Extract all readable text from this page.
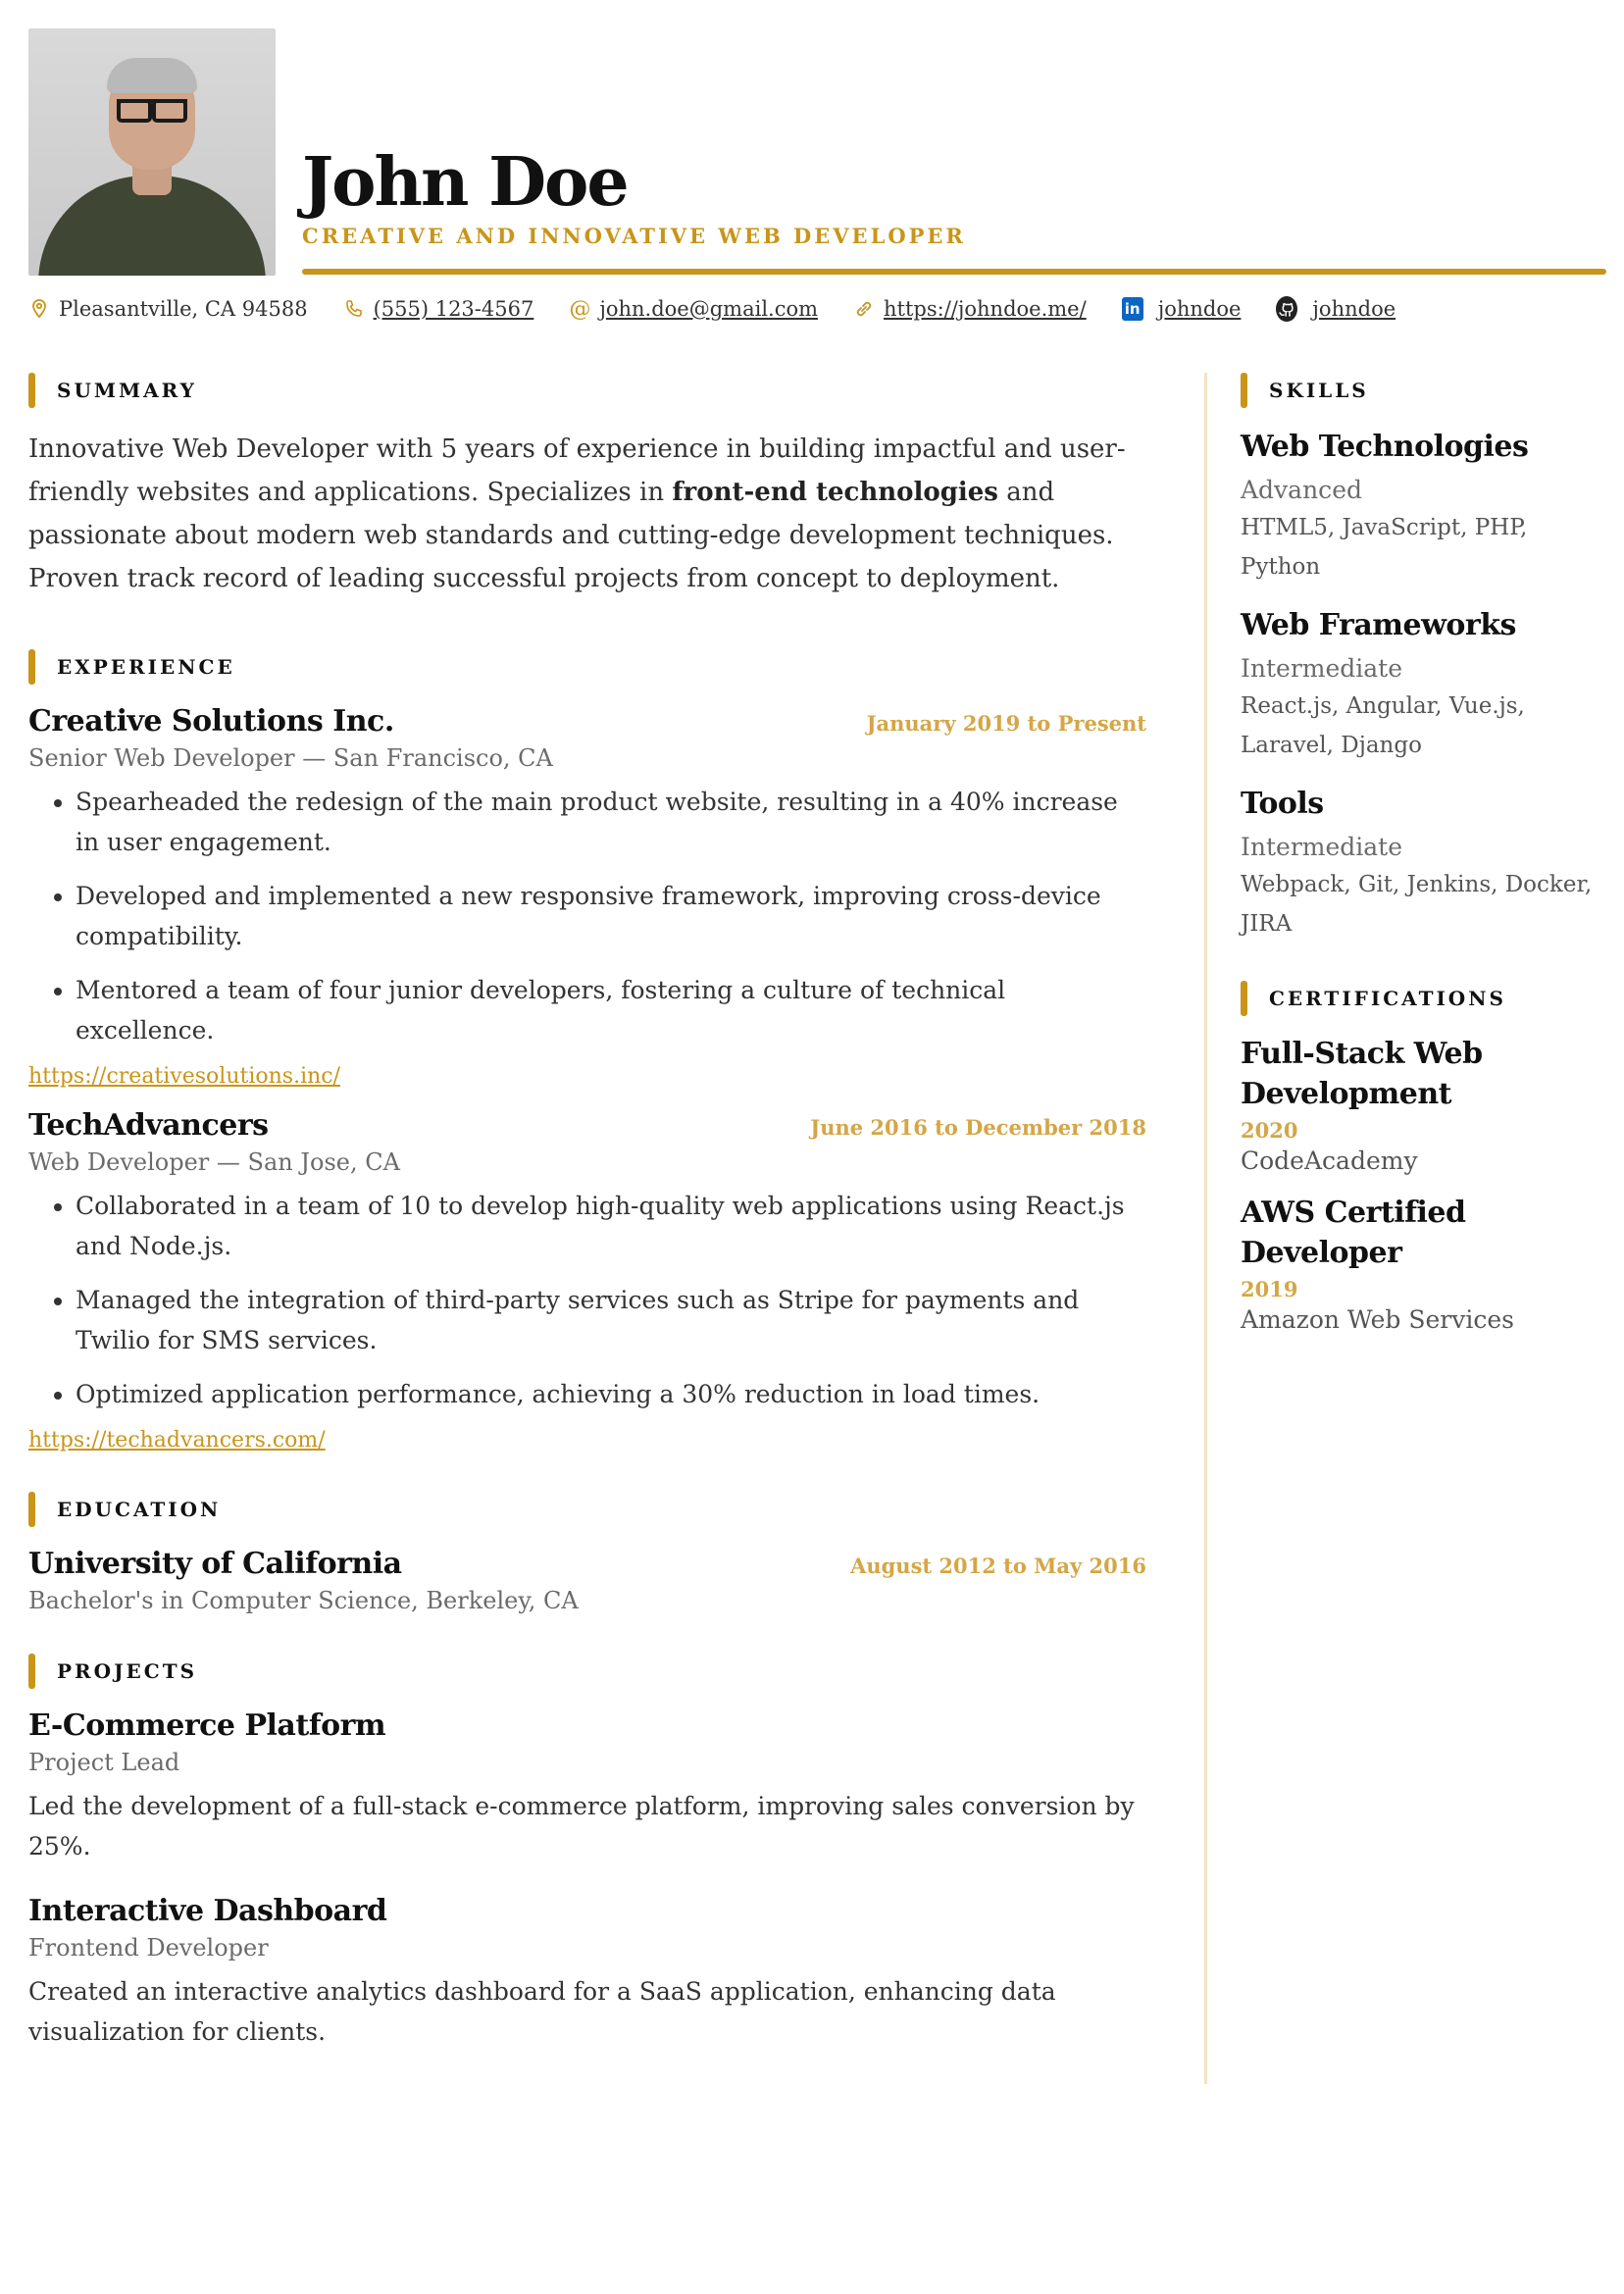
John Doe
CREATIVE AND INNOVATIVE WEB DEVELOPER
Pleasantville, CA 94588	(555) 123-4567 @ john.doe@gmail.com	https://johndoe.me/	in johndoe	johndoe
SUMMARY

Innovative Web Developer with 5 years of experience in building impactful and user-friendly websites and applications. Specializes in front-end technologies and passionate about modern web standards and cutting-edge development techniques. Proven track record of leading successful projects from concept to deployment.

EXPERIENCE
Creative Solutions Inc.	January 2019 to Present
Senior Web Developer — San Francisco, CA
• Spearheaded the redesign of the main product website, resulting in a 40% increase in user engagement.
• Developed and implemented a new responsive framework, improving cross-device compatibility.
• Mentored a team of four junior developers, fostering a culture of technical excellence.
https://creativesolutions.inc/
TechAdvancers	June 2016 to December 2018
Web Developer — San Jose, CA
• Collaborated in a team of 10 to develop high-quality web applications using React.js and Node.js.
• Managed the integration of third-party services such as Stripe for payments and Twilio for SMS services.
• Optimized application performance, achieving a 30% reduction in load times.
https://techadvancers.com/
EDUCATION
University of California	August 2012 to May 2016
Bachelor's in Computer Science, Berkeley, CA
PROJECTS
E-Commerce Platform
Project Lead
Led the development of a full-stack e-commerce platform, improving sales conversion by 25%.
Interactive Dashboard
Frontend Developer
Created an interactive analytics dashboard for a SaaS application, enhancing data visualization for clients.
SKILLS
Web Technologies
Advanced
HTML5, JavaScript, PHP, Python
Web Frameworks
Intermediate
React.js, Angular, Vue.js, Laravel, Django
Tools
Intermediate
Webpack, Git, Jenkins, Docker, JIRA
CERTIFICATIONS
Full-Stack Web Development
2020
CodeAcademy
AWS Certified Developer
2019
Amazon Web Services
